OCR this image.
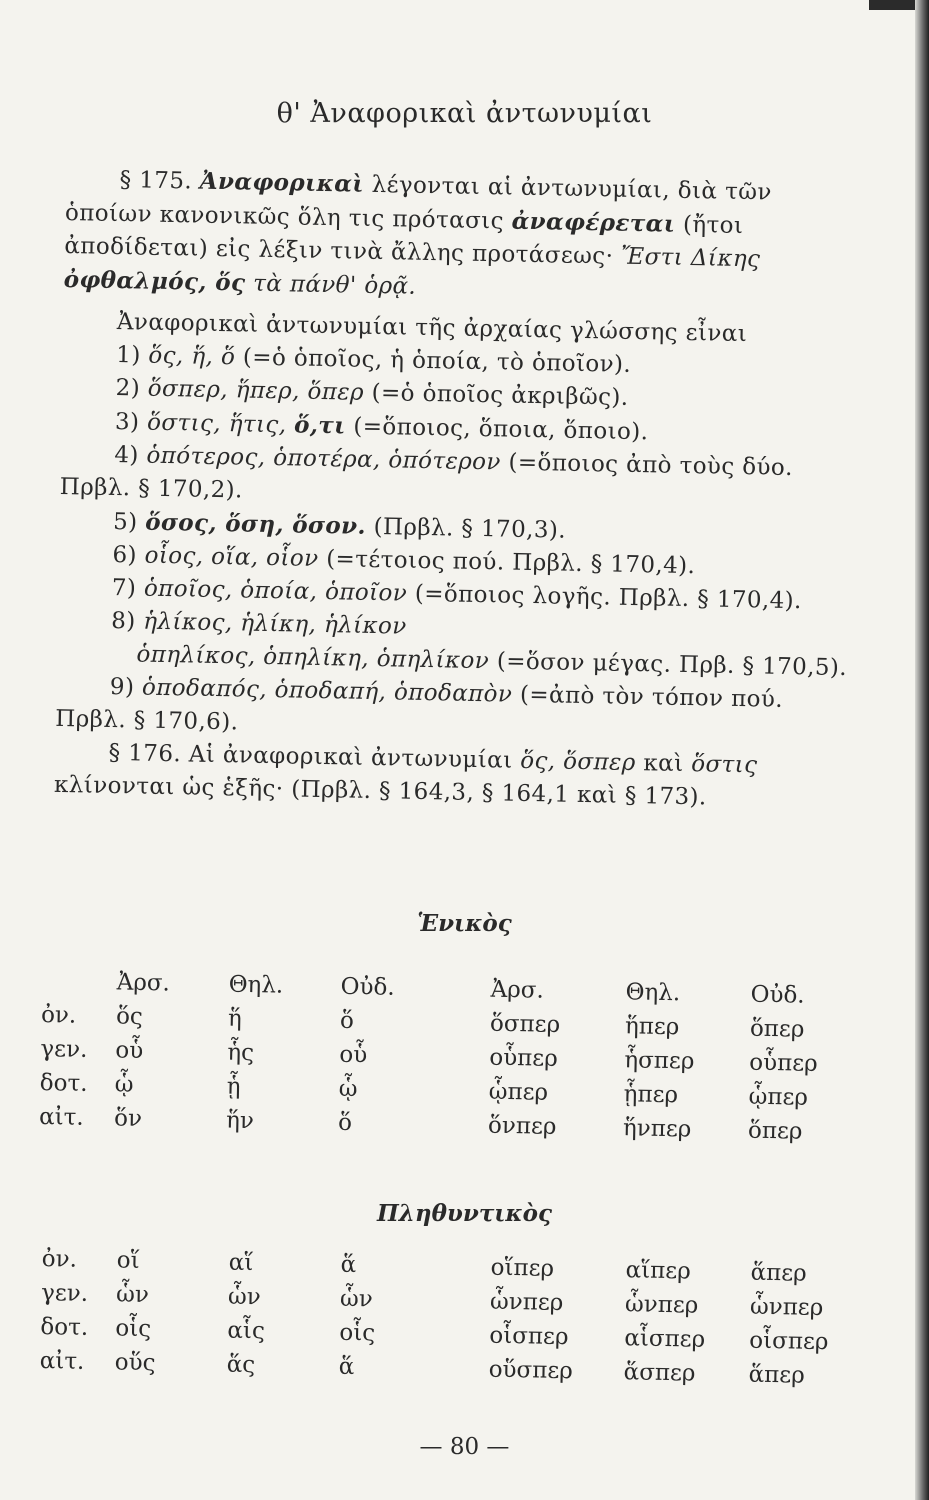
θ' Ἀναφορικαὶ ἀντωνυμίαι

§ 175. Ἀναφορικαὶ λέγονται αἱ ἀντωνυμίαι, διὰ τῶν ὁποίων κανονικῶς ὅλη τις πρότασις ἀναφέρεται (ἤτοι ἀποδίδεται) εἰς λέξιν τινὰ ἄλλης προτάσεως· Ἔστι Δίκης ὀφθαλμός, ὅς τὰ πάνθ' ὁρᾷ.

Ἀναφορικαὶ ἀντωνυμίαι τῆς ἀρχαίας γλώσσης εἶναι

1) ὅς, ἥ, ὅ (=ὁ ὁποῖος, ἡ ὁποία, τὸ ὁποῖον).

2) ὅσπερ, ἥπερ, ὅπερ (=ὁ ὁποῖος ἀκριβῶς).

3) ὅστις, ἥτις, ὅ,τι (=ὅποιος, ὅποια, ὅποιο).

4) ὁπότερος, ὁποτέρα, ὁπότερον (=ὅποιος ἀπὸ τοὺς δύο.

Πρβλ. § 170,2).

5) ὅσος, ὅση, ὅσον. (Πρβλ. § 170,3).

6) οἷος, οἵα, οἷον (=τέτοιος πού. Πρβλ. § 170,4).

7) ὁποῖος, ὁποία, ὁποῖον (=ὅποιος λογῆς. Πρβλ. § 170,4).

8) ἡλίκος, ἡλίκη, ἡλίκον

ὁπηλίκος, ὁπηλίκη, ὁπηλίκον (=ὅσον μέγας. Πρβ. § 170,5).

9) ὁποδαπός, ὁποδαπή, ὁποδαπὸν (=ἀπὸ τὸν τόπον πού.

Πρβλ. § 170,6).

§ 176. Αἱ ἀναφορικαὶ ἀντωνυμίαι ὅς, ὅσπερ καὶ ὅστις κλίνονται ὡς ἑξῆς· (Πρβλ. § 164,3, § 164,1 καὶ § 173).

Ἑνικὸς
	Ἀρσ.	Θηλ.	Οὐδ.	Ἀρσ.	Θηλ.	Οὐδ.
ὀν.	ὅς	ἥ	ὅ	ὅσπερ	ἥπερ	ὅπερ
γεν.	οὗ	ἧς	οὗ	οὗπερ	ἧσπερ	οὗπερ
δοτ.	ᾧ	ᾗ	ᾧ	ᾧπερ	ᾗπερ	ᾧπερ
αἰτ.	ὅν	ἥν	ὅ	ὅνπερ	ἥνπερ	ὅπερ
Πληθυντικὸς
ὀν.	οἵ	αἵ	ἅ	οἵπερ	αἵπερ	ἅπερ
γεν.	ὧν	ὧν	ὧν	ὧνπερ	ὧνπερ	ὧνπερ
δοτ.	οἷς	αἷς	οἷς	οἷσπερ	αἷσπερ	οἷσπερ
αἰτ.	οὕς	ἅς	ἅ	οὕσπερ	ἅσπερ	ἅπερ
— 80 —
